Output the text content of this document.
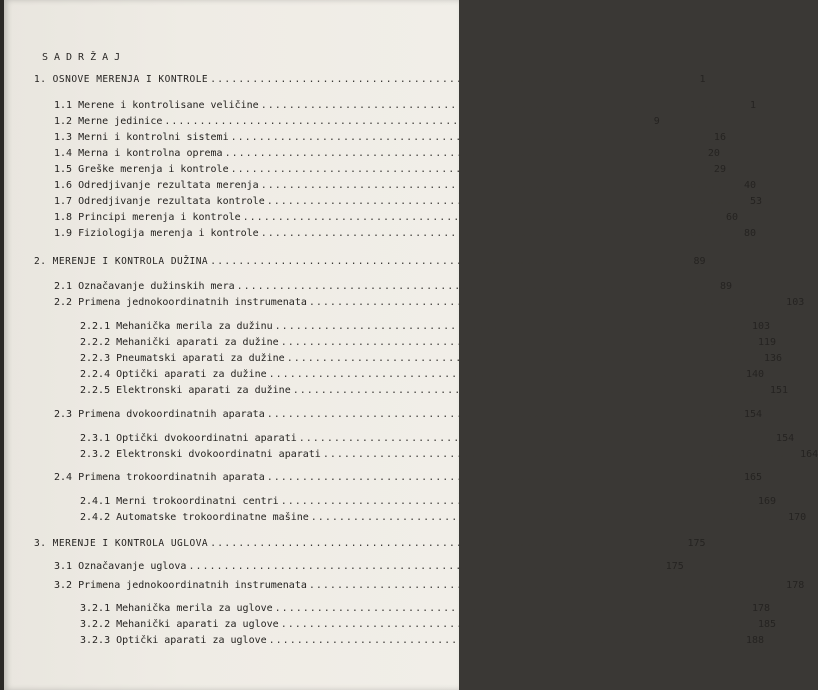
SADRŽAJ
1. OSNOVE MERENJA I KONTROLE ..................................................................	1
1.1 Merene i kontrolisane veličine ..................................................................	1
1.2 Merne jedinice ..................................................................	9
1.3 Merni i kontrolni sistemi ..................................................................	16
1.4 Merna i kontrolna oprema ..................................................................	20
1.5 Greške merenja i kontrole ..................................................................	29
1.6 Odredjivanje rezultata merenja ..................................................................	40
1.7 Odredjivanje rezultata kontrole ..................................................................	53
1.8 Principi merenja i kontrole ..................................................................	60
1.9 Fiziologija merenja i kontrole ..................................................................	80
2. MERENJE I KONTROLA DUŽINA ..................................................................	89
2.1 Označavanje dužinskih mera ..................................................................	89
2.2 Primena jednokoordinatnih instrumenata ..................................................................	103
2.2.1 Mehanička merila za dužinu ..................................................................	103
2.2.2 Mehanički aparati za dužine ..................................................................	119
2.2.3 Pneumatski aparati za dužine ..................................................................	136
2.2.4 Optički aparati za dužine ..................................................................	140
2.2.5 Elektronski aparati za dužine ..................................................................	151
2.3 Primena dvokoordinatnih aparata ..................................................................	154
2.3.1 Optički dvokoordinatni aparati ..................................................................	154
2.3.2 Elektronski dvokoordinatni aparati ..................................................................	164
2.4 Primena trokoordinatnih aparata ..................................................................	165
2.4.1 Merni trokoordinatni centri ..................................................................	169
2.4.2 Automatske trokoordinatne mašine ..................................................................	170
3. MERENJE I KONTROLA UGLOVA ..................................................................	175
3.1 Označavanje uglova ..................................................................	175
3.2 Primena jednokoordinatnih instrumenata ..................................................................	178
3.2.1 Mehanička merila za uglove ..................................................................	178
3.2.2 Mehanički aparati za uglove ..................................................................	185
3.2.3 Optički aparati za uglove ..................................................................	188
